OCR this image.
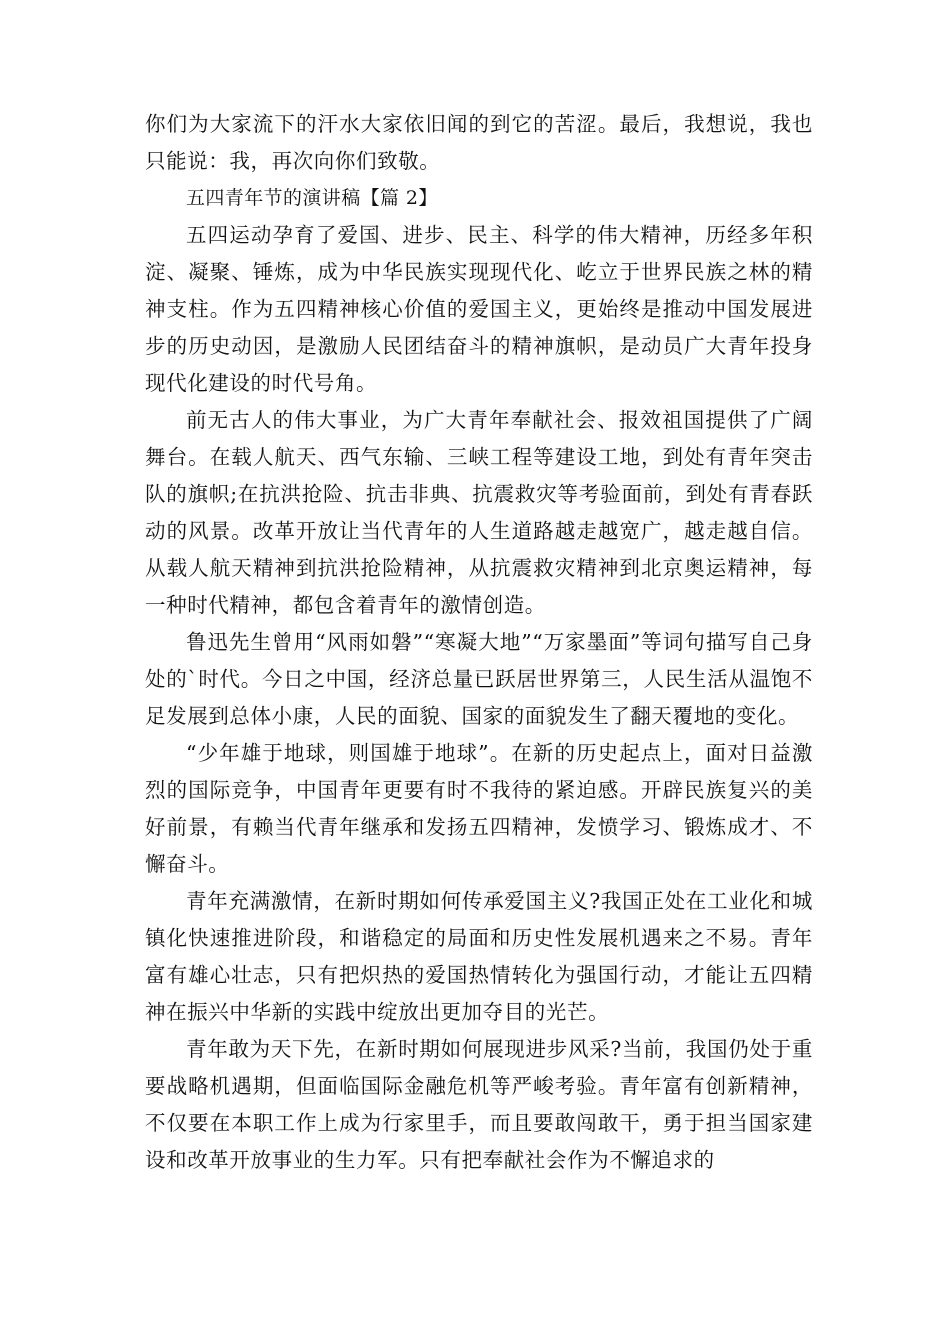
你们为大家流下的汗水大家依旧闻的到它的苦涩。最后，我想说，我也只能说：我，再次向你们致敬。

五四青年节的演讲稿【篇 2】

五四运动孕育了爱国、进步、民主、科学的伟大精神，历经多年积淀、凝聚、锤炼，成为中华民族实现现代化、屹立于世界民族之林的精神支柱。作为五四精神核心价值的爱国主义，更始终是推动中国发展进步的历史动因，是激励人民团结奋斗的精神旗帜，是动员广大青年投身现代化建设的时代号角。

前无古人的伟大事业，为广大青年奉献社会、报效祖国提供了广阔舞台。在载人航天、西气东输、三峡工程等建设工地，到处有青年突击队的旗帜;在抗洪抢险、抗击非典、抗震救灾等考验面前，到处有青春跃动的风景。改革开放让当代青年的人生道路越走越宽广，越走越自信。从载人航天精神到抗洪抢险精神，从抗震救灾精神到北京奥运精神，每一种时代精神，都包含着青年的激情创造。

鲁迅先生曾用“风雨如磐”“寒凝大地”“万家墨面”等词句描写自己身处的`时代。今日之中国，经济总量已跃居世界第三，人民生活从温饱不足发展到总体小康，人民的面貌、国家的面貌发生了翻天覆地的变化。

“少年雄于地球，则国雄于地球”。在新的历史起点上，面对日益激烈的国际竞争，中国青年更要有时不我待的紧迫感。开辟民族复兴的美好前景，有赖当代青年继承和发扬五四精神，发愤学习、锻炼成才、不懈奋斗。

青年充满激情，在新时期如何传承爱国主义?我国正处在工业化和城镇化快速推进阶段，和谐稳定的局面和历史性发展机遇来之不易。青年富有雄心壮志，只有把炽热的爱国热情转化为强国行动，才能让五四精神在振兴中华新的实践中绽放出更加夺目的光芒。

青年敢为天下先，在新时期如何展现进步风采?当前，我国仍处于重要战略机遇期，但面临国际金融危机等严峻考验。青年富有创新精神，不仅要在本职工作上成为行家里手，而且要敢闯敢干，勇于担当国家建设和改革开放事业的生力军。只有把奉献社会作为不懈追求的
